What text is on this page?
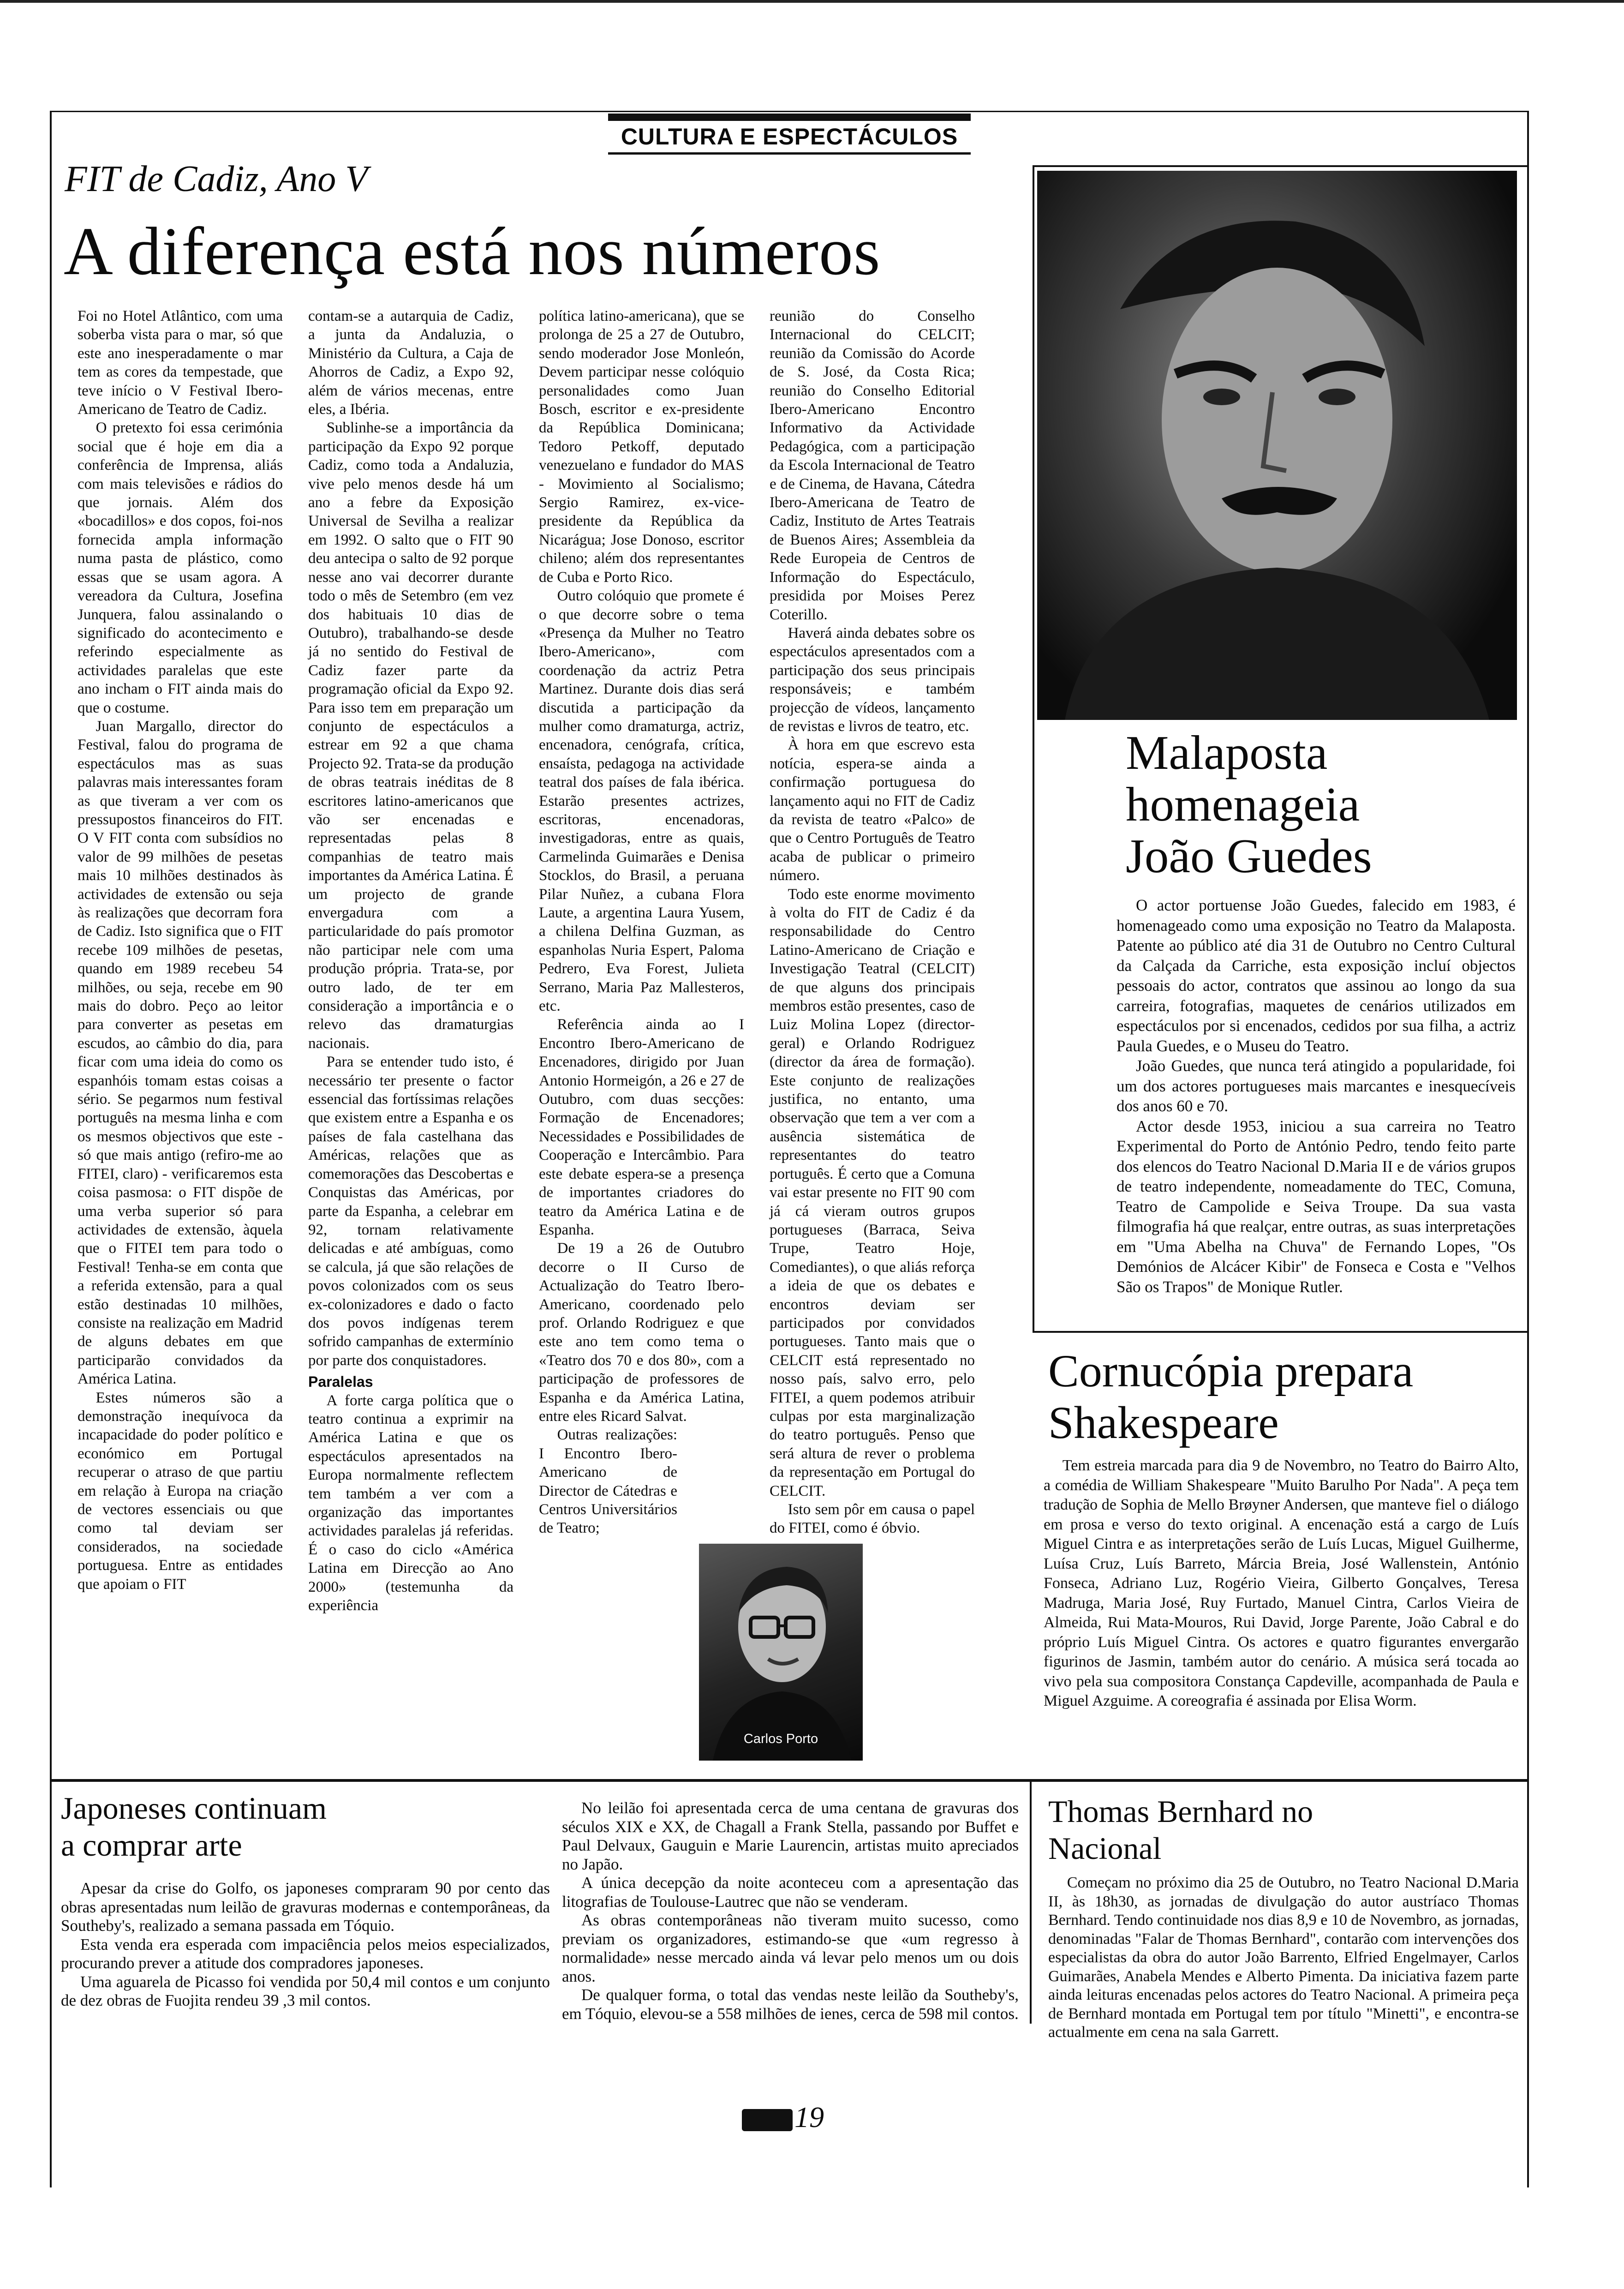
CULTURA E ESPECTÁCULOS
FIT de Cadiz, Ano V
A diferença está nos números

Foi no Hotel Atlântico, com uma soberba vista para o mar, só que este ano inesperadamente o mar tem as cores da tempestade, que teve início o V Festival Ibero-Americano de Teatro de Cadiz.

O pretexto foi essa cerimónia social que é hoje em dia a conferência de Imprensa, aliás com mais televisões e rádios do que jornais. Além dos «bocadillos» e dos copos, foi-nos fornecida ampla informação numa pasta de plástico, como essas que se usam agora. A vereadora da Cultura, Josefina Junquera, falou assinalando o significado do acontecimento e referindo especialmente as actividades paralelas que este ano incham o FIT ainda mais do que o costume.

Juan Margallo, director do Festival, falou do programa de espectáculos mas as suas palavras mais interessantes foram as que tiveram a ver com os pressupostos financeiros do FIT. O V FIT conta com subsídios no valor de 99 milhões de pesetas mais 10 milhões destinados às actividades de extensão ou seja às realizações que decorram fora de Cadiz. Isto significa que o FIT recebe 109 milhões de pesetas, quando em 1989 recebeu 54 milhões, ou seja, recebe em 90 mais do dobro. Peço ao leitor para converter as pesetas em escudos, ao câmbio do dia, para ficar com uma ideia do como os espanhóis tomam estas coisas a sério. Se pegarmos num festival português na mesma linha e com os mesmos objectivos que este - só que mais antigo (refiro-me ao FITEI, claro) - verificaremos esta coisa pasmosa: o FIT dispõe de uma verba superior só para actividades de extensão, àquela que o FITEI tem para todo o Festival! Tenha-se em conta que a referida extensão, para a qual estão destinadas 10 milhões, consiste na realização em Madrid de alguns debates em que participarão convidados da América Latina.

Estes números são a demonstração inequívoca da incapacidade do poder político e económico em Portugal recuperar o atraso de que partiu em relação à Europa na criação de vectores essenciais ou que como tal deviam ser considerados, na sociedade portuguesa. Entre as entidades que apoiam o FIT

contam-se a autarquia de Cadiz, a junta da Andaluzia, o Ministério da Cultura, a Caja de Ahorros de Cadiz, a Expo 92, além de vários mecenas, entre eles, a Ibéria.

Sublinhe-se a importância da participação da Expo 92 porque Cadiz, como toda a Andaluzia, vive pelo menos desde há um ano a febre da Exposição Universal de Sevilha a realizar em 1992. O salto que o FIT 90 deu antecipa o salto de 92 porque nesse ano vai decorrer durante todo o mês de Setembro (em vez dos habituais 10 dias de Outubro), trabalhando-se desde já no sentido do Festival de Cadiz fazer parte da programação oficial da Expo 92. Para isso tem em preparação um conjunto de espectáculos a estrear em 92 a que chama Projecto 92. Trata-se da produção de obras teatrais inéditas de 8 escritores latino-americanos que vão ser encenadas e representadas pelas 8 companhias de teatro mais importantes da América Latina. É um projecto de grande envergadura com a particularidade do país promotor não participar nele com uma produção própria. Trata-se, por outro lado, de ter em consideração a importância e o relevo das dramaturgias nacionais.

Para se entender tudo isto, é necessário ter presente o factor essencial das fortíssimas relações que existem entre a Espanha e os países de fala castelhana das Américas, relações que as comemorações das Descobertas e Conquistas das Américas, por parte da Espanha, a celebrar em 92, tornam relativamente delicadas e até ambíguas, como se calcula, já que são relações de povos colonizados com os seus ex-colonizadores e dado o facto dos povos indígenas terem sofrido campanhas de extermínio por parte dos conquistadores.

Paralelas

A forte carga política que o teatro continua a exprimir na América Latina e que os espectáculos apresentados na Europa normalmente reflectem tem também a ver com a organização das importantes actividades paralelas já referidas. É o caso do ciclo «América Latina em Direcção ao Ano 2000» (testemunha da experiência

política latino-americana), que se prolonga de 25 a 27 de Outubro, sendo moderador Jose Monleón, Devem participar nesse colóquio personalidades como Juan Bosch, escritor e ex-presidente da República Dominicana; Tedoro Petkoff, deputado venezuelano e fundador do MAS - Movimiento al Socialismo; Sergio Ramirez, ex-vice-presidente da República da Nicarágua; Jose Donoso, escritor chileno; além dos representantes de Cuba e Porto Rico.

Outro colóquio que promete é o que decorre sobre o tema «Presença da Mulher no Teatro Ibero-Americano», com coordenação da actriz Petra Martinez. Durante dois dias será discutida a participação da mulher como dramaturga, actriz, encenadora, cenógrafa, crítica, ensaísta, pedagoga na actividade teatral dos países de fala ibérica. Estarão presentes actrizes, escritoras, encenadoras, investigadoras, entre as quais, Carmelinda Guimarães e Denisa Stocklos, do Brasil, a peruana Pilar Nuñez, a cubana Flora Laute, a argentina Laura Yusem, a chilena Delfina Guzman, as espanholas Nuria Espert, Paloma Pedrero, Eva Forest, Julieta Serrano, Maria Paz Mallesteros, etc.

Referência ainda ao I Encontro Ibero-Americano de Encenadores, dirigido por Juan Antonio Hormeigón, a 26 e 27 de Outubro, com duas secções: Formação de Encenadores; Necessidades e Possibilidades de Cooperação e Intercâmbio. Para este debate espera-se a presença de importantes criadores do teatro da América Latina e de Espanha.

De 19 a 26 de Outubro decorre o II Curso de Actualização do Teatro Ibero-Americano, coordenado pelo prof. Orlando Rodriguez e que este ano tem como tema o «Teatro dos 70 e dos 80», com a participação de professores de Espanha e da América Latina, entre eles Ricard Salvat.

Outras realizações: I Encontro Ibero-Americano de Director de Cátedras e Centros Universitários de Teatro;

reunião do Conselho Internacional do CELCIT; reunião da Comissão do Acorde de S. José, da Costa Rica; reunião do Conselho Editorial Ibero-Americano Encontro Informativo da Actividade Pedagógica, com a participação da Escola Internacional de Teatro e de Cinema, de Havana, Cátedra Ibero-Americana de Teatro de Cadiz, Instituto de Artes Teatrais de Buenos Aires; Assembleia da Rede Europeia de Centros de Informação do Espectáculo, presidida por Moises Perez Coterillo.

Haverá ainda debates sobre os espectáculos apresentados com a participação dos seus principais responsáveis; e também projecção de vídeos, lançamento de revistas e livros de teatro, etc.

À hora em que escrevo esta notícia, espera-se ainda a confirmação portuguesa do lançamento aqui no FIT de Cadiz da revista de teatro «Palco» de que o Centro Português de Teatro acaba de publicar o primeiro número.

Todo este enorme movimento à volta do FIT de Cadiz é da responsabilidade do Centro Latino-Americano de Criação e Investigação Teatral (CELCIT) de que alguns dos principais membros estão presentes, caso de Luiz Molina Lopez (director-geral) e Orlando Rodriguez (director da área de formação). Este conjunto de realizações justifica, no entanto, uma observação que tem a ver com a ausência sistemática de representantes do teatro português. É certo que a Comuna vai estar presente no FIT 90 com já cá vieram outros grupos portugueses (Barraca, Seiva Trupe, Teatro Hoje, Comediantes), o que aliás reforça a ideia de que os debates e encontros deviam ser participados por convidados portugueses. Tanto mais que o CELCIT está representado no nosso país, salvo erro, pelo FITEI, a quem podemos atribuir culpas por esta marginalização do teatro português. Penso que será altura de rever o problema da representação em Portugal do CELCIT.

Isto sem pôr em causa o papel do FITEI, como é óbvio.

Carlos Porto
Malaposta homenageia João Guedes

O actor portuense João Guedes, falecido em 1983, é homenageado como uma exposição no Teatro da Malaposta. Patente ao público até dia 31 de Outubro no Centro Cultural da Calçada da Carriche, esta exposição incluí objectos pessoais do actor, contratos que assinou ao longo da sua carreira, fotografias, maquetes de cenários utilizados em espectáculos por si encenados, cedidos por sua filha, a actriz Paula Guedes, e o Museu do Teatro.

João Guedes, que nunca terá atingido a popularidade, foi um dos actores portugueses mais marcantes e inesquecíveis dos anos 60 e 70.

Actor desde 1953, iniciou a sua carreira no Teatro Experimental do Porto de António Pedro, tendo feito parte dos elencos do Teatro Nacional D.Maria II e de vários grupos de teatro independente, nomeadamente do TEC, Comuna, Teatro de Campolide e Seiva Troupe. Da sua vasta filmografia há que realçar, entre outras, as suas interpretações em "Uma Abelha na Chuva" de Fernando Lopes, "Os Demónios de Alcácer Kibir" de Fonseca e Costa e "Velhos São os Trapos" de Monique Rutler.

Cornucópia prepara Shakespeare

Tem estreia marcada para dia 9 de Novembro, no Teatro do Bairro Alto, a comédia de William Shakespeare "Muito Barulho Por Nada". A peça tem tradução de Sophia de Mello Brøyner Andersen, que manteve fiel o diálogo em prosa e verso do texto original. A encenação está a cargo de Luís Miguel Cintra e as interpretações serão de Luís Lucas, Miguel Guilherme, Luísa Cruz, Luís Barreto, Márcia Breia, José Wallenstein, António Fonseca, Adriano Luz, Rogério Vieira, Gilberto Gonçalves, Teresa Madruga, Maria José, Ruy Furtado, Manuel Cintra, Carlos Vieira de Almeida, Rui Mata-Mouros, Rui David, Jorge Parente, João Cabral e do próprio Luís Miguel Cintra. Os actores e quatro figurantes envergarão figurinos de Jasmin, também autor do cenário. A música será tocada ao vivo pela sua compositora Constança Capdeville, acompanhada de Paula e Miguel Azguime. A coreografia é assinada por Elisa Worm.

Japoneses continuam a comprar arte

Apesar da crise do Golfo, os japoneses compraram 90 por cento das obras apresentadas num leilão de gravuras modernas e contemporâneas, da Southeby's, realizado a semana passada em Tóquio.

Esta venda era esperada com impaciência pelos meios especializados, procurando prever a atitude dos compradores japoneses.

Uma aguarela de Picasso foi vendida por 50,4 mil contos e um conjunto de dez obras de Fuojita rendeu 39 ,3 mil contos.

No leilão foi apresentada cerca de uma centana de gravuras dos séculos XIX e XX, de Chagall a Frank Stella, passando por Buffet e Paul Delvaux, Gauguin e Marie Laurencin, artistas muito apreciados no Japão.

A única decepção da noite aconteceu com a apresentação das litografias de Toulouse-Lautrec que não se venderam.

As obras contemporâneas não tiveram muito sucesso, como previam os organizadores, estimando-se que «um regresso à normalidade» nesse mercado ainda vá levar pelo menos um ou dois anos.

De qualquer forma, o total das vendas neste leilão da Southeby's, em Tóquio, elevou-se a 558 milhões de ienes, cerca de 598 mil contos.

Thomas Bernhard no Nacional

Começam no próximo dia 25 de Outubro, no Teatro Nacional D.Maria II, às 18h30, as jornadas de divulgação do autor austríaco Thomas Bernhard. Tendo continuidade nos dias 8,9 e 10 de Novembro, as jornadas, denominadas "Falar de Thomas Bernhard", contarão com intervenções dos especialistas da obra do autor João Barrento, Elfried Engelmayer, Carlos Guimarães, Anabela Mendes e Alberto Pimenta. Da iniciativa fazem parte ainda leituras encenadas pelos actores do Teatro Nacional. A primeira peça de Bernhard montada em Portugal tem por título "Minetti", e encontra-se actualmente em cena na sala Garrett.

19
